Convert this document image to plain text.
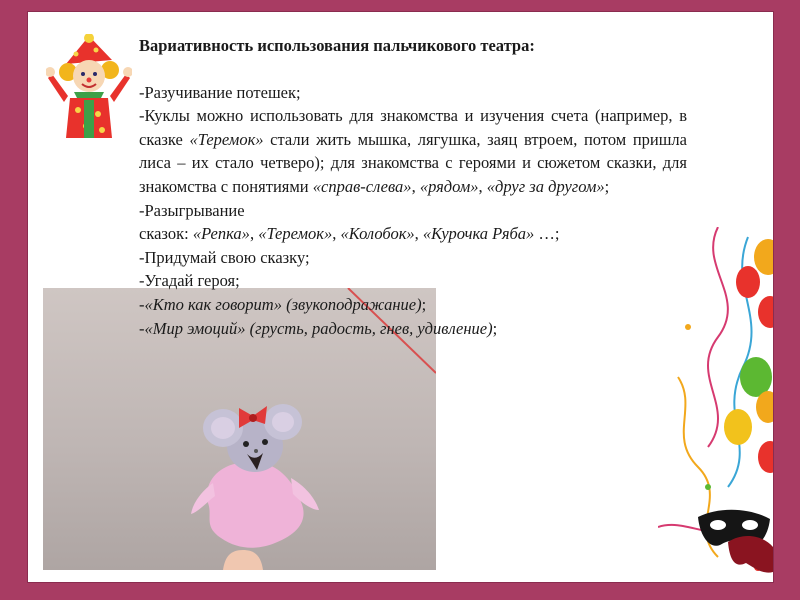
Вариативность использования пальчикового театра:

-Разучивание потешек;

-Куклы можно использовать для знакомства и изучения счета (например, в сказке «Теремок» стали жить мышка, лягушка, заяц втроем, потом пришла лиса – их стало четверо); для знакомства с героями и сюжетом сказки, для знакомства с понятиями «справ-слева», «рядом», «друг за другом»;

-Разыгрывание

сказок: «Репка», «Теремок», «Колобок», «Курочка Ряба» …;

-Придумай свою сказку;

-Угадай героя;

-«Кто как говорит» (звукоподражание);

-«Мир эмоций» (грусть, радость, гнев, удивление);
